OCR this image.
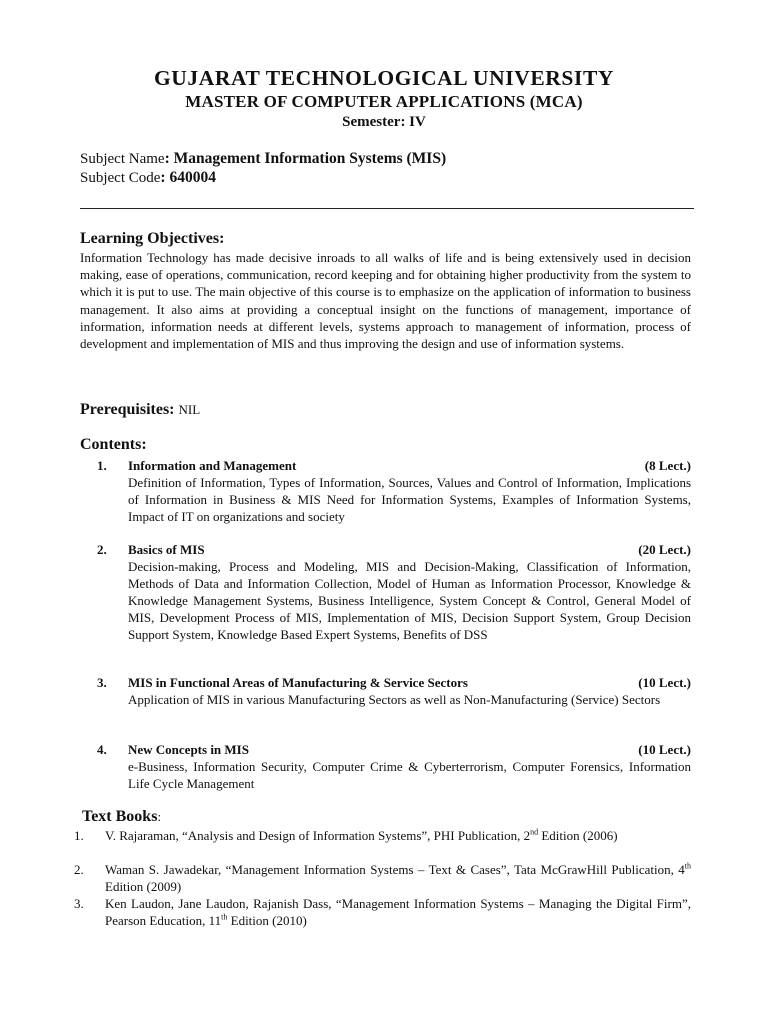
GUJARAT TECHNOLOGICAL UNIVERSITY
MASTER OF COMPUTER APPLICATIONS (MCA)
Semester: IV
Subject Name: Management Information Systems (MIS)
Subject Code: 640004
Learning Objectives:
Information Technology has made decisive inroads to all walks of life and is being extensively used in decision making, ease of operations, communication, record keeping and for obtaining higher productivity from the system to which it is put to use. The main objective of this course is to emphasize on the application of information to business management. It also aims at providing a conceptual insight on the functions of management, importance of information, information needs at different levels, systems approach to management of information, process of development and implementation of MIS and thus improving the design and use of information systems.
Prerequisites: NIL
Contents:
1. Information and Management	(8 Lect.)
Definition of Information, Types of Information, Sources, Values and Control of Information, Implications of Information in Business & MIS Need for Information Systems, Examples of Information Systems, Impact of IT on organizations and society
2. Basics of MIS	(20 Lect.)
Decision-making, Process and Modeling, MIS and Decision-Making, Classification of Information, Methods of Data and Information Collection, Model of Human as Information Processor, Knowledge & Knowledge Management Systems, Business Intelligence, System Concept & Control, General Model of MIS, Development Process of MIS, Implementation of MIS, Decision Support System, Group Decision Support System, Knowledge Based Expert Systems, Benefits of DSS
3. MIS in Functional Areas of Manufacturing & Service Sectors	(10 Lect.)
Application of MIS in various Manufacturing Sectors as well as Non-Manufacturing (Service) Sectors
4. New Concepts in MIS	(10 Lect.)
e-Business, Information Security, Computer Crime & Cyberterrorism, Computer Forensics, Information Life Cycle Management
Text Books:
1. V. Rajaraman, “Analysis and Design of Information Systems”, PHI Publication, 2nd Edition (2006)
2. Waman S. Jawadekar, “Management Information Systems – Text & Cases”, Tata McGrawHill Publication, 4th Edition (2009)
3. Ken Laudon, Jane Laudon, Rajanish Dass, “Management Information Systems – Managing the Digital Firm”, Pearson Education, 11th Edition (2010)
